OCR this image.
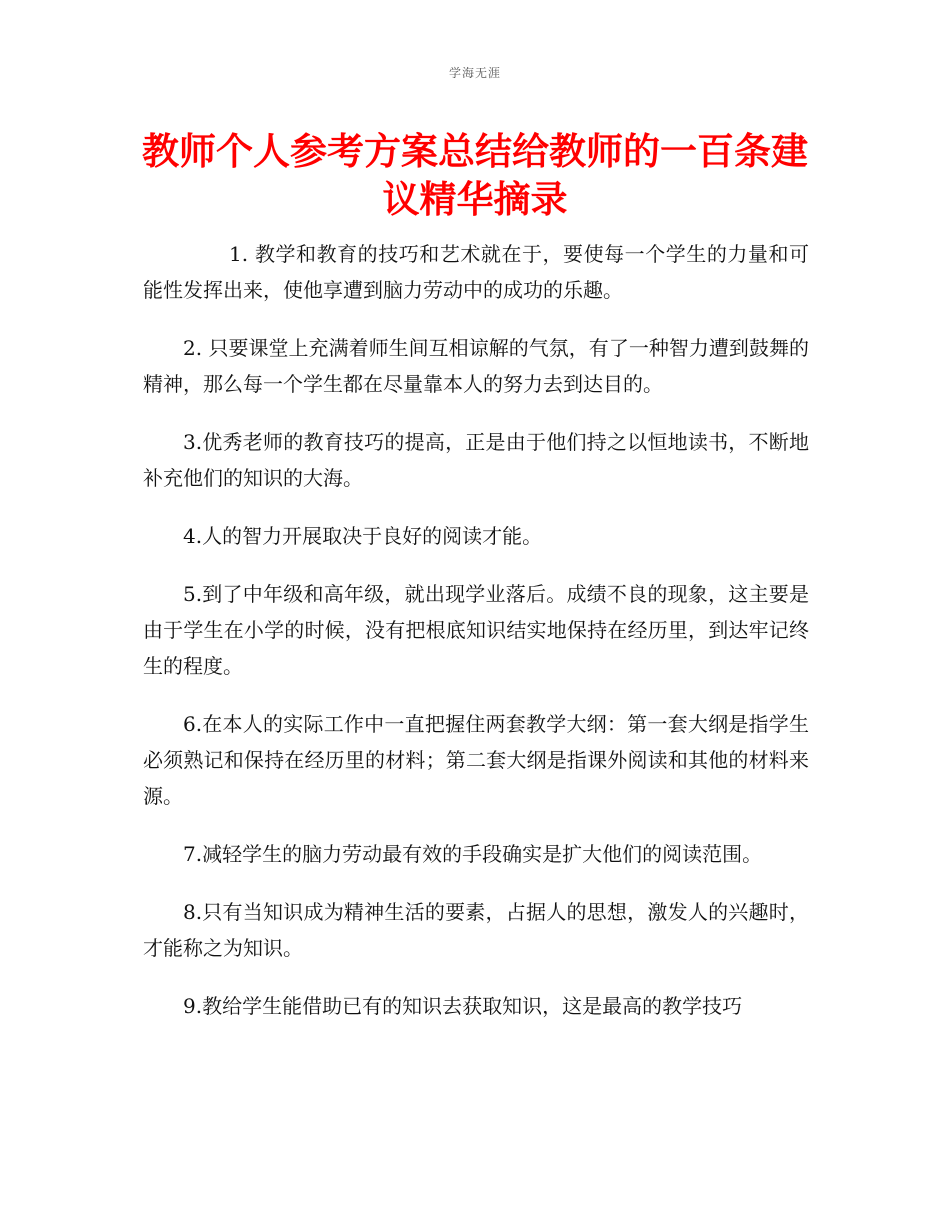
学海无涯
教师个人参考方案总结给教师的一百条建议精华摘录

1. 教学和教育的技巧和艺术就在于，要使每一个学生的力量和可能性发挥出来，使他享遭到脑力劳动中的成功的乐趣。

2. 只要课堂上充满着师生间互相谅解的气氛，有了一种智力遭到鼓舞的精神，那么每一个学生都在尽量靠本人的努力去到达目的。

3.优秀老师的教育技巧的提高，正是由于他们持之以恒地读书，不断地补充他们的知识的大海。

4.人的智力开展取决于良好的阅读才能。

5.到了中年级和高年级，就出现学业落后。成绩不良的现象，这主要是由于学生在小学的时候，没有把根底知识结实地保持在经历里，到达牢记终生的程度。

6.在本人的实际工作中一直把握住两套教学大纲：第一套大纲是指学生必须熟记和保持在经历里的材料；第二套大纲是指课外阅读和其他的材料来源。

7.减轻学生的脑力劳动最有效的手段确实是扩大他们的阅读范围。

8.只有当知识成为精神生活的要素，占据人的思想，激发人的兴趣时，才能称之为知识。

9.教给学生能借助已有的知识去获取知识，这是最高的教学技巧
